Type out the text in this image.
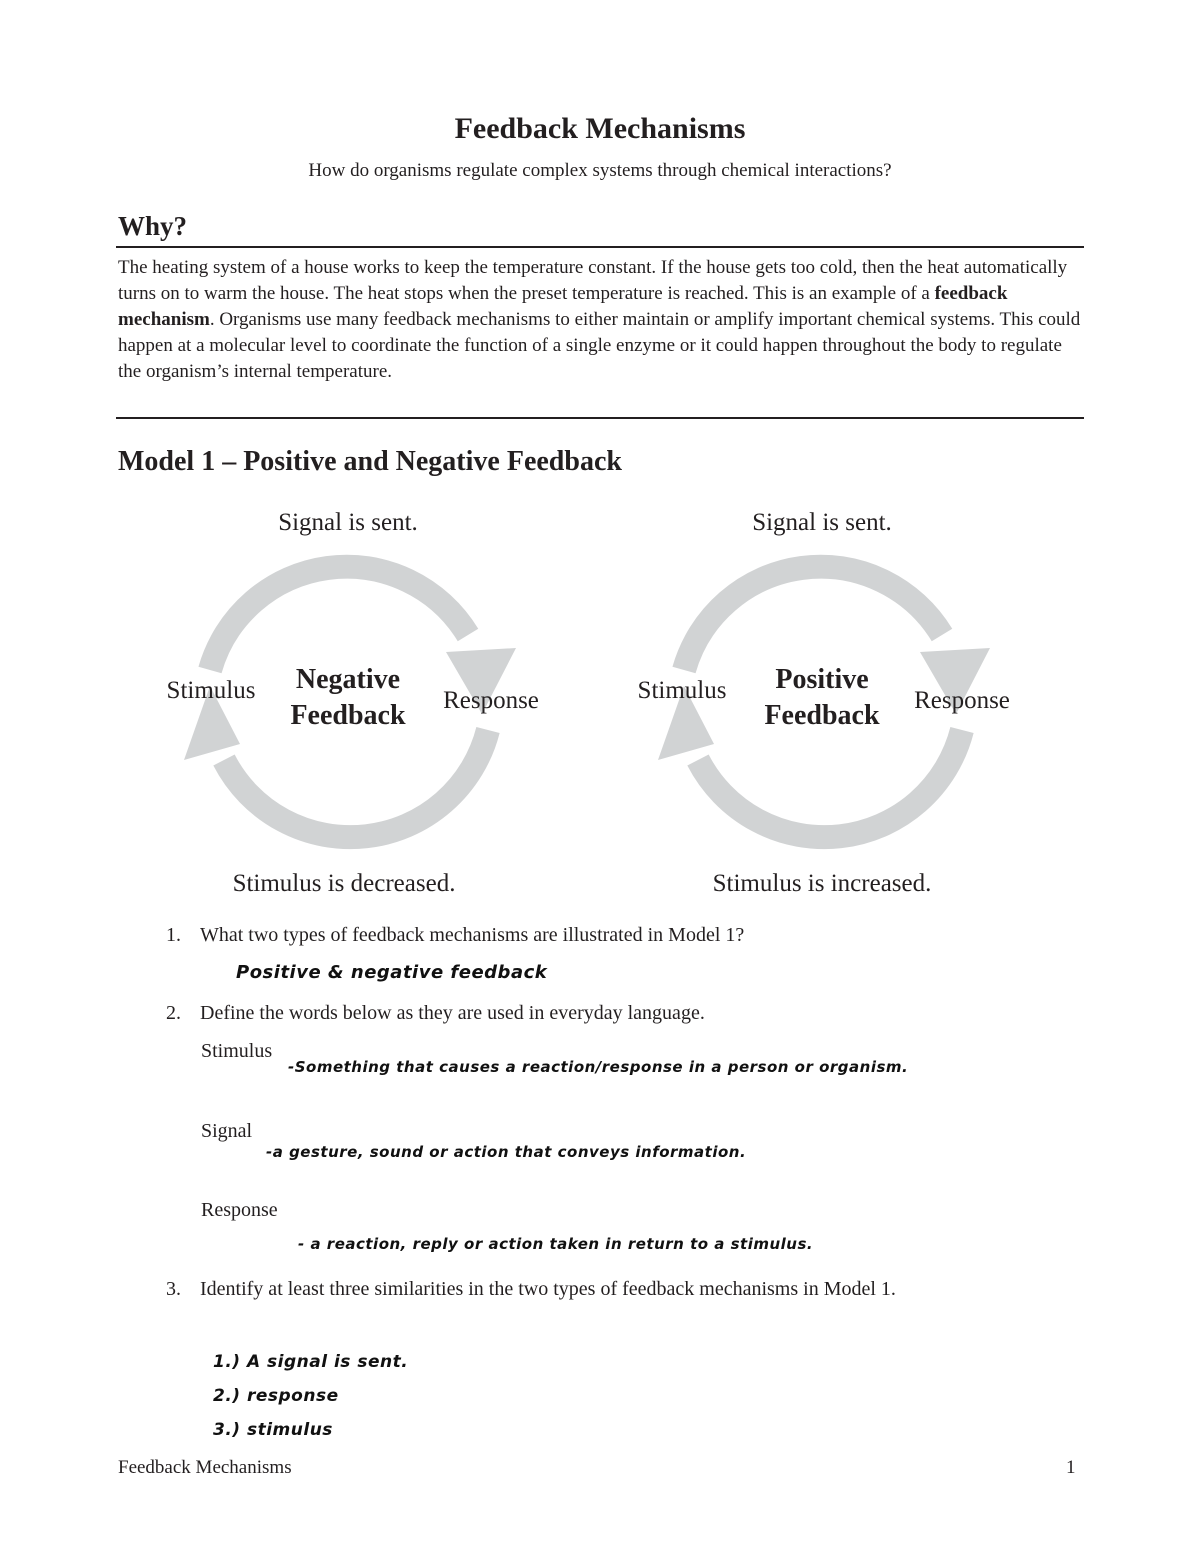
Feedback Mechanisms
How do organisms regulate complex systems through chemical interactions?
Why?
The heating system of a house works to keep the temperature constant. If the house gets too cold, then the heat automatically turns on to warm the house. The heat stops when the preset temperature is reached. This is an example of a feedback mechanism. Organisms use many feedback mechanisms to either maintain or amplify important chemical systems. This could happen at a molecular level to coordinate the function of a single enzyme or it could happen throughout the body to regulate the organism’s internal temperature.
Model 1 – Positive and Negative Feedback
Negative
Feedback
Signal is sent.
Stimulus	Response
Stimulus is decreased.
Positive
Feedback
Signal is sent.
Stimulus	Response
Stimulus is increased.
1. What two types of feedback mechanisms are illustrated in Model 1?
Positive & negative feedback
2. Define the words below as they are used in everyday language.
Stimulus
-Something that causes a reaction/response in a person or organism.
Signal
-a gesture, sound or action that conveys information.
Response
- a reaction, reply or action taken in return to a stimulus.
3. Identify at least three similarities in the two types of feedback mechanisms in Model 1.
1.) A signal is sent.
2.) response
3.) stimulus
Feedback Mechanisms	1
